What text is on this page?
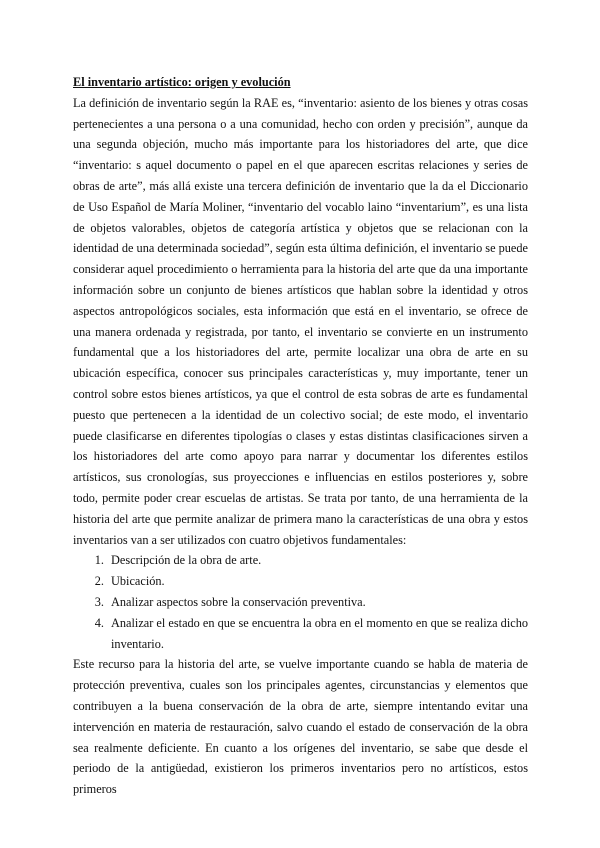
El inventario artístico: origen y evolución

La definición de inventario según la RAE es, “inventario: asiento de los bienes y otras cosas pertenecientes a una persona o a una comunidad, hecho con orden y precisión”, aunque da una segunda objeción, mucho más importante para los historiadores del arte, que dice “inventario: s aquel documento o papel en el que aparecen escritas relaciones y series de obras de arte”, más allá existe una tercera definición de inventario que la da el Diccionario de Uso Español de María Moliner, “inventario del vocablo laino “inventarium”, es una lista de objetos valorables, objetos de categoría artística y objetos que se relacionan con la identidad de una determinada sociedad”, según esta última definición, el inventario se puede considerar aquel procedimiento o herramienta para la historia del arte que da una importante información sobre un conjunto de bienes artísticos que hablan sobre la identidad y otros aspectos antropológicos sociales, esta información que está en el inventario, se ofrece de una manera ordenada y registrada, por tanto, el inventario se convierte en un instrumento fundamental que a los historiadores del arte, permite localizar una obra de arte en su ubicación específica, conocer sus principales características y, muy importante, tener un control sobre estos bienes artísticos, ya que el control de esta sobras de arte es fundamental puesto que pertenecen a la identidad de un colectivo social; de este modo, el inventario puede clasificarse en diferentes tipologías o clases y estas distintas clasificaciones sirven a los historiadores del arte como apoyo para narrar y documentar los diferentes estilos artísticos, sus cronologías, sus proyecciones e influencias en estilos posteriores y, sobre todo, permite poder crear escuelas de artistas. Se trata por tanto, de una herramienta de la historia del arte que permite analizar de primera mano la características de una obra y estos inventarios van a ser utilizados con cuatro objetivos fundamentales:

1. Descripción de la obra de arte.
2. Ubicación.
3. Analizar aspectos sobre la conservación preventiva.
4. Analizar el estado en que se encuentra la obra en el momento en que se realiza dicho inventario.

Este recurso para la historia del arte, se vuelve importante cuando se habla de materia de protección preventiva, cuales son los principales agentes, circunstancias y elementos que contribuyen a la buena conservación de la obra de arte, siempre intentando evitar una intervención en materia de restauración, salvo cuando el estado de conservación de la obra sea realmente deficiente. En cuanto a los orígenes del inventario, se sabe que desde el periodo de la antigüedad, existieron los primeros inventarios pero no artísticos, estos primeros
